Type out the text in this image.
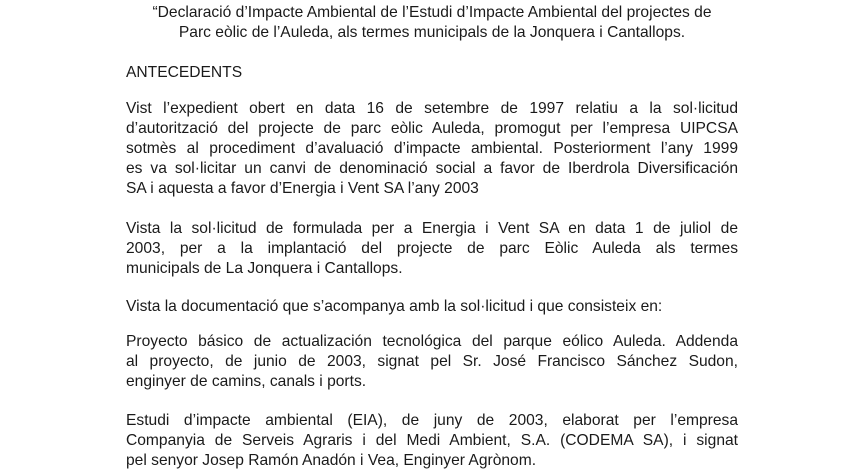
“Declaració d’Impacte Ambiental de l’Estudi d’Impacte Ambiental del projectes de
Parc eòlic de l’Auleda, als termes municipals de la Jonquera i Cantallops.
ANTECEDENTS
Vist l’expedient obert en data 16 de setembre de 1997 relatiu a la sol·licitud
d’autorització del projecte de parc eòlic Auleda, promogut per l’empresa UIPCSA
sotmès al procediment d’avaluació d’impacte ambiental. Posteriorment l’any 1999
es va sol·licitar un canvi de denominació social a favor de Iberdrola Diversificación
SA i aquesta a favor d’Energia i Vent SA l’any 2003
Vista la sol·licitud de formulada per a Energia i Vent SA en data 1 de juliol de
2003, per a la implantació del projecte de parc Eòlic Auleda als termes
municipals de La Jonquera i Cantallops.
Vista la documentació que s’acompanya amb la sol·licitud i que consisteix en:
Proyecto básico de actualización tecnológica del parque eólico Auleda. Addenda
al proyecto, de junio de 2003, signat pel Sr. José Francisco Sánchez Sudon,
enginyer de camins, canals i ports.
Estudi d’impacte ambiental (EIA), de juny de 2003, elaborat per l’empresa
Companyia de Serveis Agraris i del Medi Ambient, S.A. (CODEMA SA), i signat
pel senyor Josep Ramón Anadón i Vea, Enginyer Agrònom.
